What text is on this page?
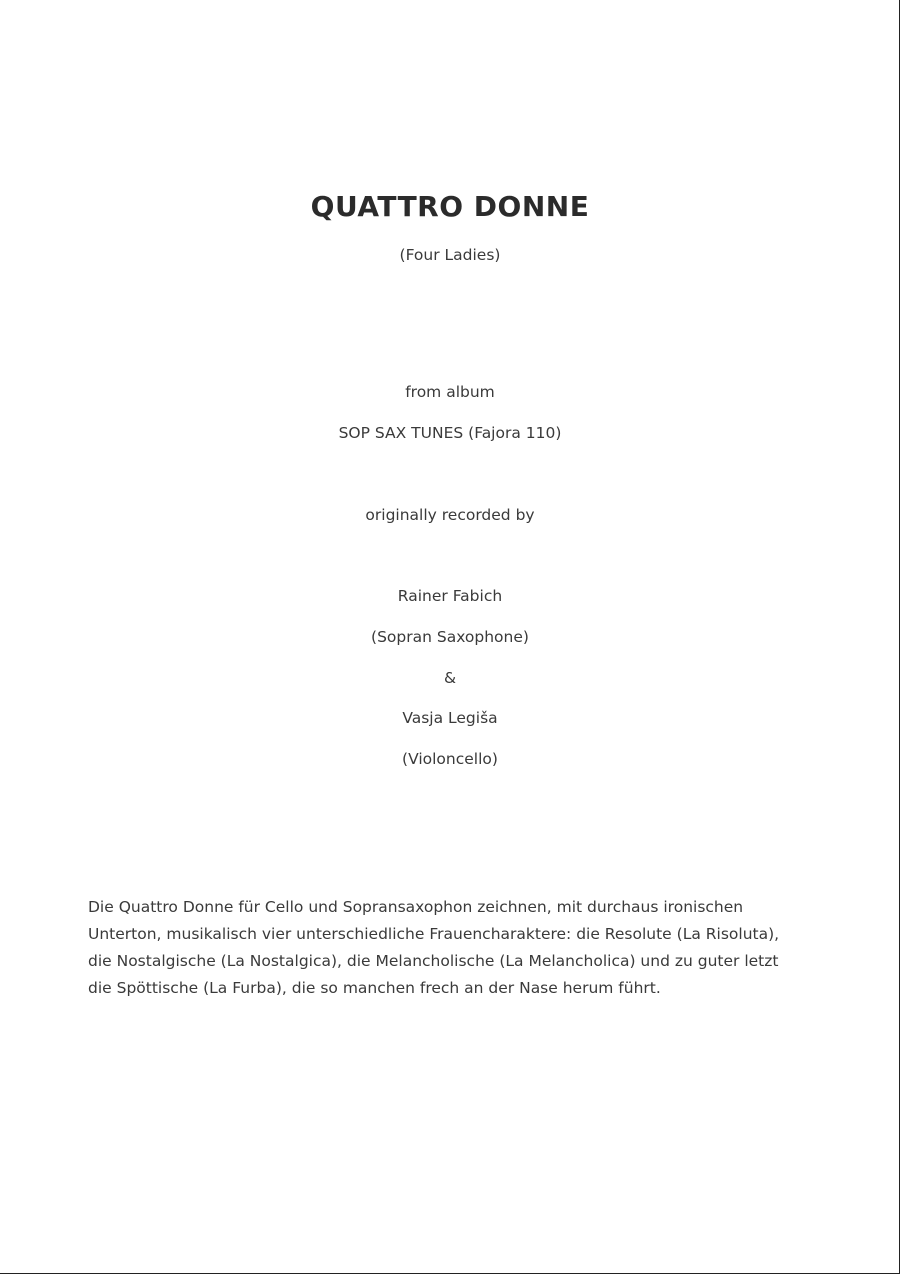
QUATTRO DONNE
(Four Ladies)
from album
SOP SAX TUNES (Fajora 110)
originally recorded by
Rainer Fabich
(Sopran Saxophone)
&
Vasja Legiša
(Violoncello)

Die Quattro Donne für Cello und Sopransaxophon zeichnen, mit durchaus ironischen Unterton, musikalisch vier unterschiedliche Frauencharaktere: die Resolute (La Risoluta), die Nostalgische (La Nostalgica), die Melancholische (La Melancholica) und zu guter letzt die Spöttische (La Furba), die so manchen frech an der Nase herum führt.
